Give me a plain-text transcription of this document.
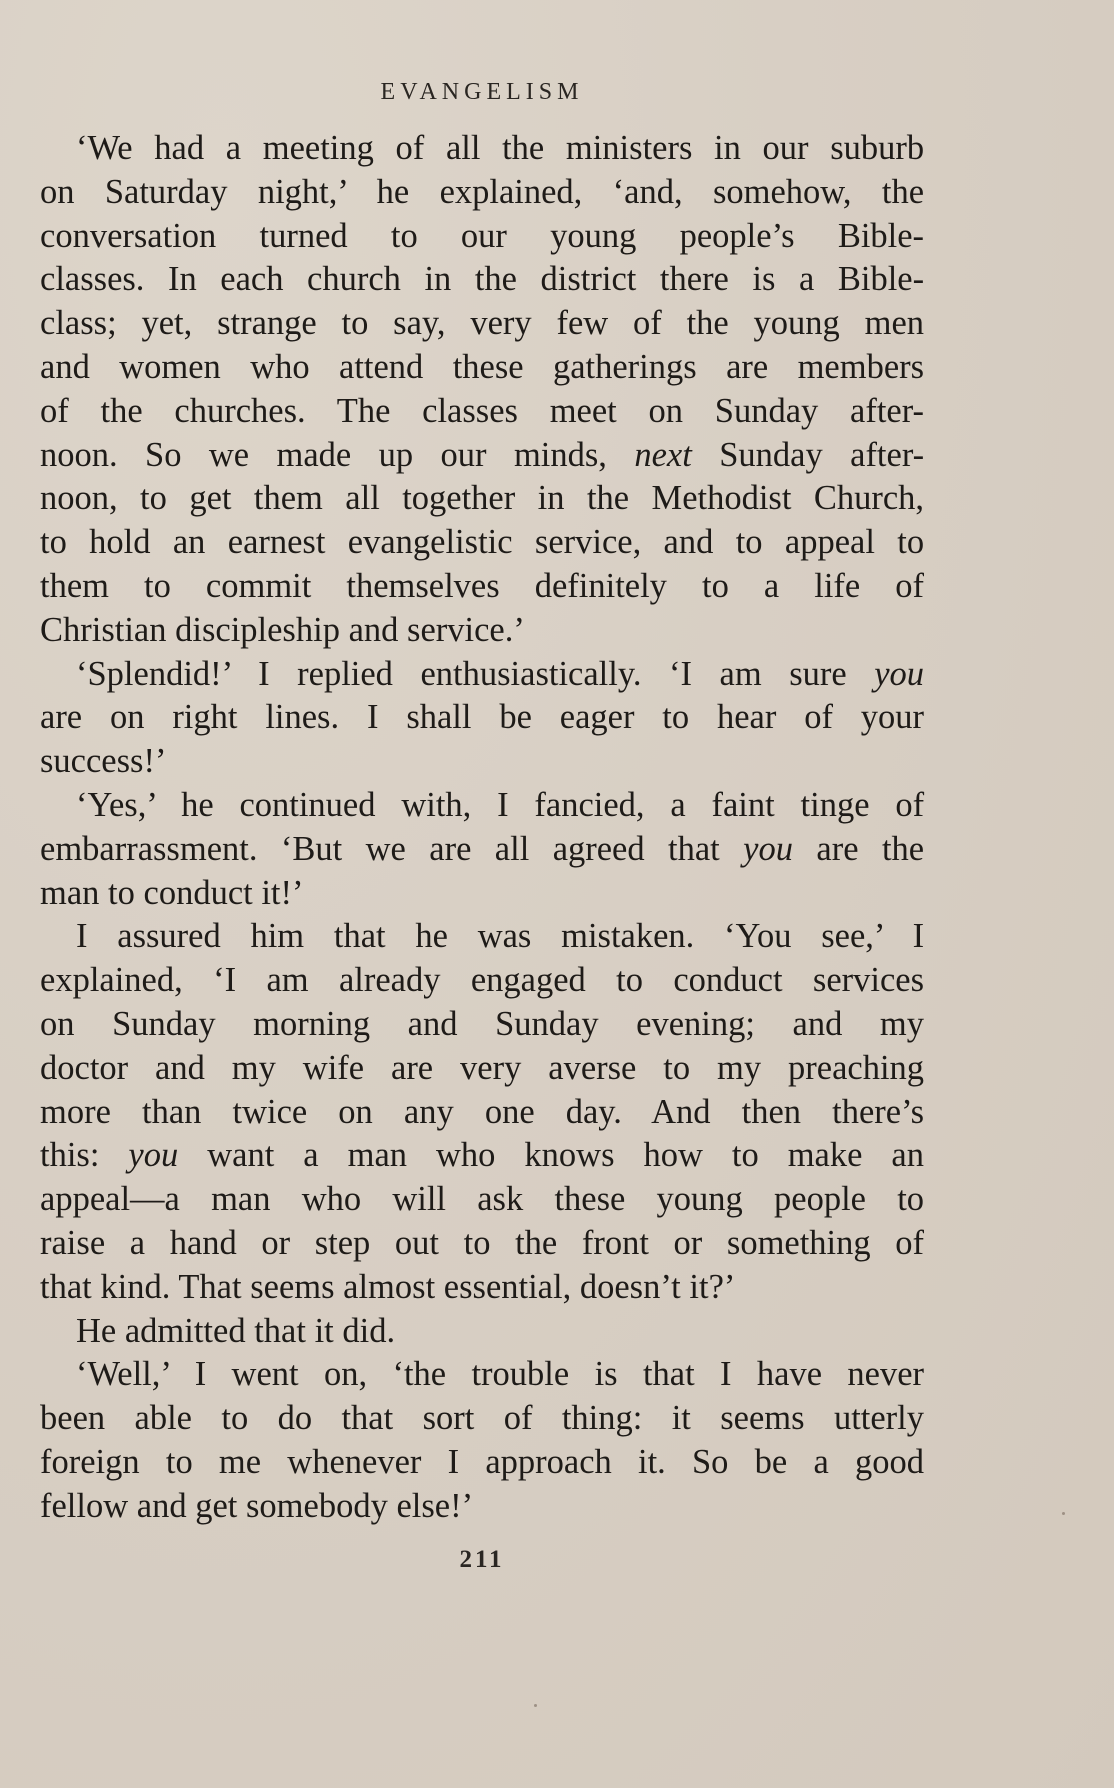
EVANGELISM
‘We had a meeting of all the ministers in our suburb
on Saturday night,’ he explained, ‘and, somehow, the
conversation turned to our young people’s Bible-
classes. In each church in the district there is a Bible-
class; yet, strange to say, very few of the young men
and women who attend these gatherings are members
of the churches. The classes meet on Sunday after-
noon. So we made up our minds, next Sunday after-
noon, to get them all together in the Methodist Church,
to hold an earnest evangelistic service, and to appeal to
them to commit themselves definitely to a life of
Christian discipleship and service.’
‘Splendid!’ I replied enthusiastically. ‘I am sure you
are on right lines. I shall be eager to hear of your
success!’
‘Yes,’ he continued with, I fancied, a faint tinge of
embarrassment. ‘But we are all agreed that you are the
man to conduct it!’
I assured him that he was mistaken. ‘You see,’ I
explained, ‘I am already engaged to conduct services
on Sunday morning and Sunday evening; and my
doctor and my wife are very averse to my preaching
more than twice on any one day. And then there’s
this: you want a man who knows how to make an
appeal—a man who will ask these young people to
raise a hand or step out to the front or something of
that kind. That seems almost essential, doesn’t it?’
He admitted that it did.
‘Well,’ I went on, ‘the trouble is that I have never
been able to do that sort of thing: it seems utterly
foreign to me whenever I approach it. So be a good
fellow and get somebody else!’
211
